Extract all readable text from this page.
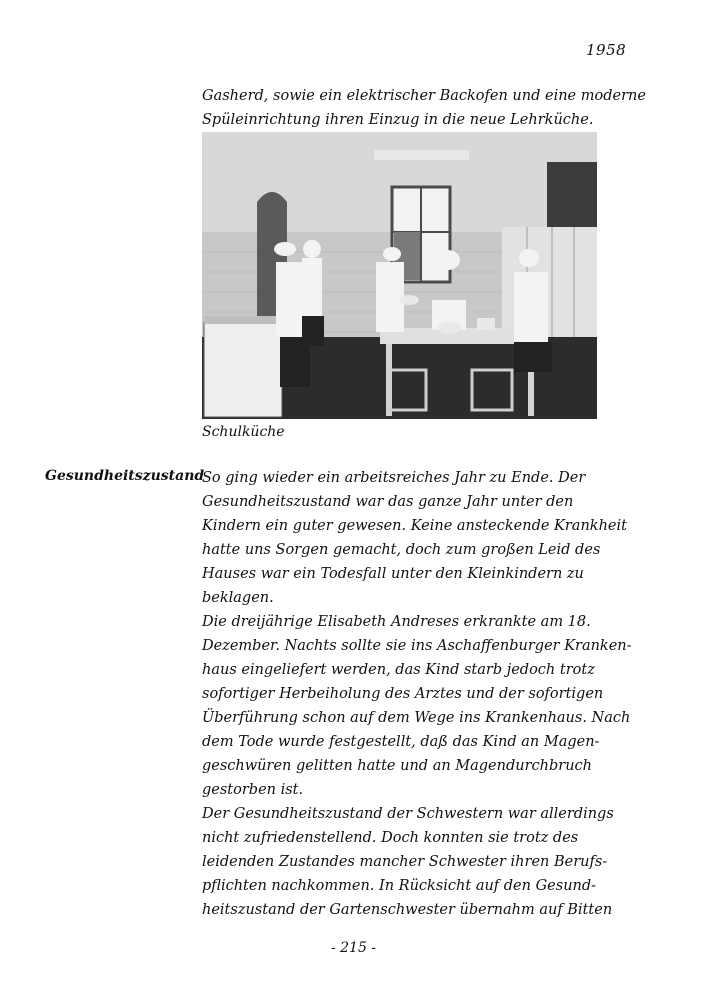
1958
Gasherd, sowie ein elektrischer Backofen und eine moderne
Spüleinrichtung ihren Einzug in die neue Lehrküche.
Schulküche
Gesundheitszustand
So ging wieder ein arbeitsreiches Jahr zu Ende. Der
Gesundheitszustand war das ganze Jahr unter den
Kindern ein guter gewesen. Keine ansteckende Krankheit
hatte uns Sorgen gemacht, doch zum großen Leid des
Hauses war ein Todesfall unter den Kleinkindern zu
beklagen.
Die dreijährige Elisabeth Andreses erkrankte am 18.
Dezember. Nachts sollte sie ins Aschaffenburger Kranken-
haus eingeliefert werden, das Kind starb jedoch trotz
sofortiger Herbeiholung des Arztes und der sofortigen
Überführung schon auf dem Wege ins Krankenhaus. Nach
dem Tode wurde festgestellt, daß das Kind an Magen-
geschwüren gelitten hatte und an Magendurchbruch
gestorben ist.
Der Gesundheitszustand der Schwestern war allerdings
nicht zufriedenstellend. Doch konnten sie trotz des
leidenden Zustandes mancher Schwester ihren Berufs-
pflichten nachkommen. In Rücksicht auf den Gesund-
heitszustand der Gartenschwester übernahm auf Bitten
- 215 -
